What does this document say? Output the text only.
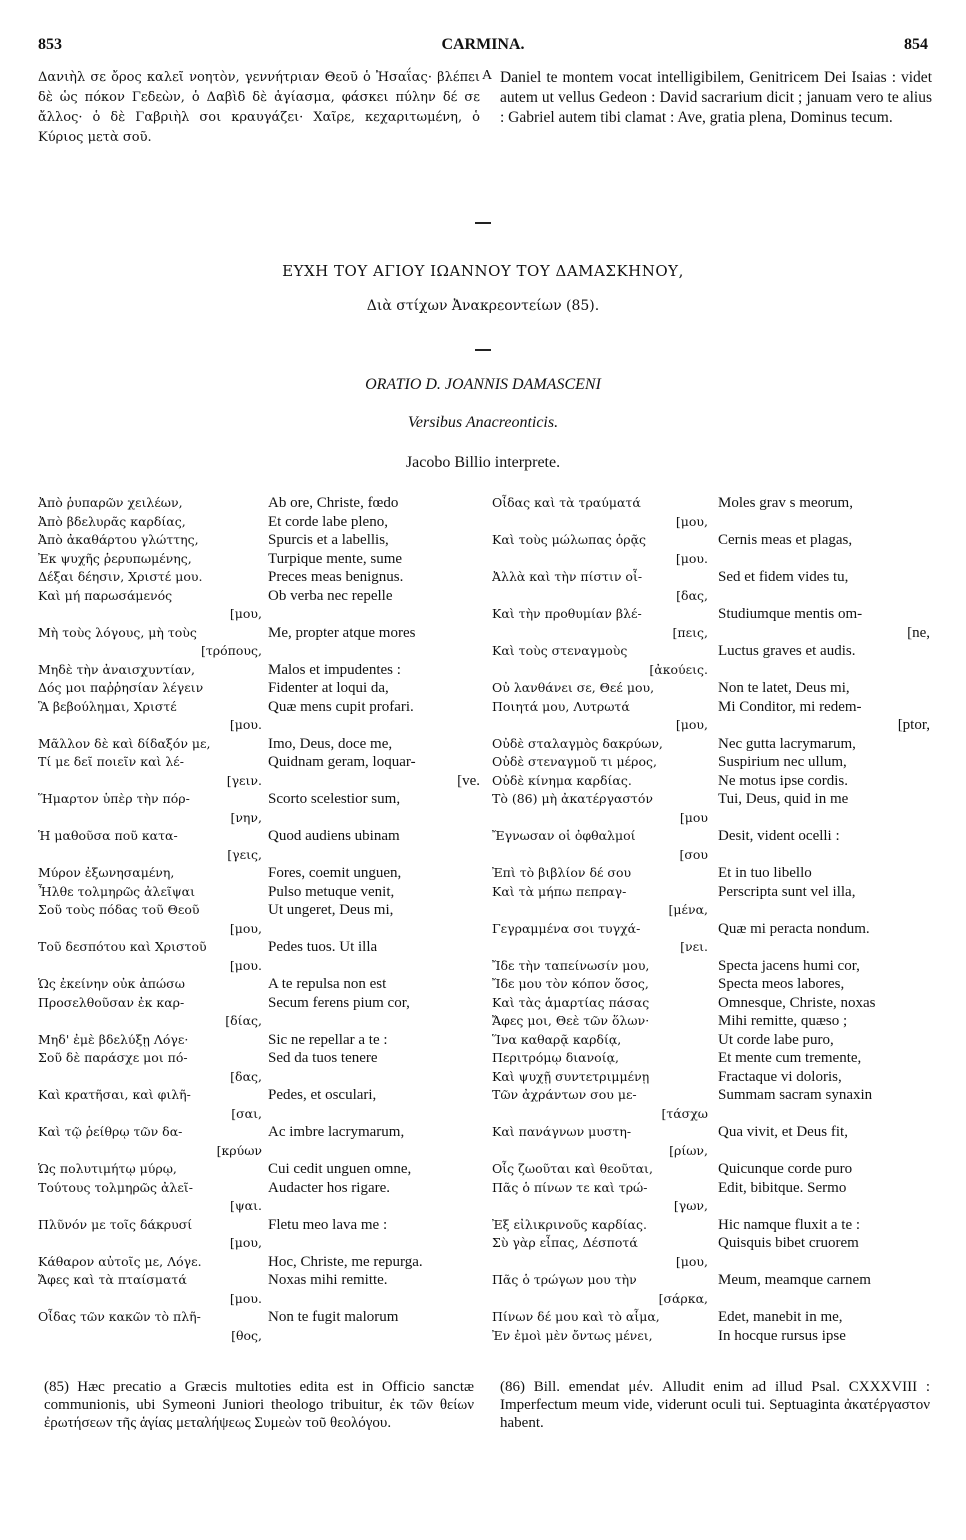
853	CARMINA.	854
Δανιὴλ σε ὄρος καλεῖ νοητὸν, γεννήτριαν Θεοῦ ὁ Ἠσαΐας· βλέπει δὲ ὡς πόκον Γεδεὼν, ὁ Δαβὶδ δὲ ἁγίασμα, φάσκει πύλην δέ σε ἄλλος· ὁ δὲ Γαβριὴλ σοι κραυγάζει· Χαῖρε, κεχαριτωμένη, ὁ Κύριος μετὰ σοῦ.
A Daniel te montem vocat intelligibilem, Genitricem Dei Isaias : videt autem ut vellus Gedeon : David sacrarium dicit ; januam vero te alius : Gabriel autem tibi clamat : Ave, gratia plena, Dominus tecum.
ΕΥΧΗ ΤΟΥ ΑΓΙΟΥ ΙΩΑΝΝΟΥ ΤΟΥ ΔΑΜΑΣΚΗΝΟΥ,
Διὰ στίχων Ἀνακρεοντείων (85).
ORATIO D. JOANNIS DAMASCENI
Versibus Anacreonticis.
Jacobo Billio interprete.
Ἀπὸ ῥυπαρῶν χειλέων,
Ἀπὸ βδελυρᾶς καρδίας,
Ἀπὸ ἀκαθάρτου γλώττης,
Ἐκ ψυχῆς ῥερυπωμένης,
Δέξαι δέησιν, Χριστέ μου.
Καὶ μή παρωσάμενός
[μου,
Μὴ τοὺς λόγους, μὴ τοὺς
[τρόπους,
Μηδὲ τὴν ἀναισχυντίαν,
Δός μοι παῤῥησίαν λέγειν
Ἃ βεβούλημαι, Χριστέ
[μου.
Μᾶλλον δὲ καὶ δίδαξόν με,
Τί με δεῖ ποιεῖν καὶ λέ-
[γειν.
Ἥμαρτον ὑπὲρ τὴν πόρ-
[νην,
Ἡ μαθοῦσα ποῦ κατα-
[γεις,
Μύρον ἐξωνησαμένη,
Ἦλθε τολμηρῶς ἀλεῖψαι
Σοῦ τοὺς πόδας τοῦ Θεοῦ
[μου,
Τοῦ δεσπότου καὶ Χριστοῦ
[μου.
Ὡς ἐκείνην οὐκ ἀπώσω
Προσελθοῦσαν ἐκ καρ-
[δίας,
Μηδ' ἐμὲ βδελύξῃ Λόγε·
Σοῦ δὲ παράσχε μοι πό-
[δας,
Καὶ κρατῆσαι, καὶ φιλῆ-
[σαι,
Καὶ τῷ ῥείθρῳ τῶν δα-
[κρύων
Ὡς πολυτιμήτῳ μύρῳ,
Τούτους τολμηρῶς ἀλεῖ-
[ψαι.
Πλῦνόν με τοῖς δάκρυσί
[μου,
Κάθαρον αὐτοῖς με, Λόγε.
Ἄφες καὶ τὰ πταίσματά
[μου.
Οἶδας τῶν κακῶν τὸ πλῆ-
[θος,
Ab ore, Christe, fœdo
Et corde labe pleno,
Spurcis et a labellis,
Turpique mente, sume
Preces meas benignus.
Ob verba nec repelle
Me, propter atque mores
Malos et impudentes :
Fidenter at loqui da,
Quæ mens cupit profari.
Imo, Deus, doce me,
Quidnam geram, loquar-
[ve.
Scorto scelestior sum,
Quod audiens ubinam
Fores, coemit unguen,
Pulso metuque venit,
Ut ungeret, Deus mi,
Pedes tuos. Ut illa
A te repulsa non est
Secum ferens pium cor,
Sic ne repellar a te :
Sed da tuos tenere
Pedes, et osculari,
Ac imbre lacrymarum,
Cui cedit unguen omne,
Audacter hos rigare.
Fletu meo lava me :
Hoc, Christe, me repurga.
Noxas mihi remitte.
Non te fugit malorum
Οἶδας καὶ τὰ τραύματά
[μου,
Καὶ τοὺς μώλωπας ὁρᾷς
[μου.
Ἀλλὰ καὶ τὴν πίστιν οἶ-
[δας,
Καὶ τὴν προθυμίαν βλέ-
[πεις,
Καὶ τοὺς στεναγμοὺς
[ἀκούεις.
Οὐ λανθάνει σε, Θεέ μου,
Ποιητά μου, Λυτρωτά
[μου,
Οὐδὲ σταλαγμὸς δακρύων,
Οὐδὲ στεναγμοῦ τι μέρος,
Οὐδὲ κίνημα καρδίας.
Τὸ (86) μὴ ἀκατέργαστόν
[μου
Ἔγνωσαν οἱ ὀφθαλμοί
[σου
Ἐπὶ τὸ βιβλίον δέ σου
Καὶ τὰ μήπω πεπραγ-
[μένα,
Γεγραμμένα σοι τυγχά-
[νει.
Ἴδε τὴν ταπείνωσίν μου,
Ἴδε μου τὸν κόπον ὅσος,
Καὶ τὰς ἁμαρτίας πάσας
Ἄφες μοι, Θεὲ τῶν ὅλων·
Ἵνα καθαρᾷ καρδίᾳ,
Περιτρόμῳ διανοίᾳ,
Καὶ ψυχῇ συντετριμμένῃ
Τῶν ἀχράντων σου με-
[τάσχω
Καὶ πανάγνων μυστη-
[ρίων,
Οἷς ζωοῦται καὶ θεοῦται,
Πᾶς ὁ πίνων τε καὶ τρώ-
[γων,
Ἐξ εἰλικρινοῦς καρδίας.
Σὺ γὰρ εἶπας, Δέσποτά
[μου,
Πᾶς ὁ τρώγων μου τὴν
[σάρκα,
Πίνων δέ μου καὶ τὸ αἷμα,
Ἐν ἐμοὶ μὲν ὄντως μένει,
Moles grav s meorum,
Cernis meas et plagas,
Sed et fidem vides tu,
Studiumque mentis om-
[ne,
Luctus graves et audis.
Non te latet, Deus mi,
Mi Conditor, mi redem-
[ptor,
Nec gutta lacrymarum,
Suspirium nec ullum,
Ne motus ipse cordis.
Tui, Deus, quid in me
Desit, vident ocelli :
Et in tuo libello
Perscripta sunt vel illa,
Quæ mi peracta nondum.
Specta jacens humi cor,
Specta meos labores,
Omnesque, Christe, noxas
Mihi remitte, quæso ;
Ut corde labe puro,
Et mente cum tremente,
Fractaque vi doloris,
Summam sacram synaxin
Qua vivit, et Deus fit,
Quicunque corde puro
Edit, bibitque. Sermo
Hic namque fluxit a te :
Quisquis bibet cruorem
Meum, meamque carnem
Edet, manebit in me,
In hocque rursus ipse
(85) Hæc precatio a Græcis multoties edita est in Officio sanctæ communionis, ubi Symeoni Juniori theologo tribuitur, ἐκ τῶν θείων ἐρωτήσεων τῆς ἁγίας μεταλήψεως Συμεὼν τοῦ θεολόγου.
(86) Bill. emendat μέν. Alludit enim ad illud Psal. CXXXVIII : Imperfectum meum vide, viderunt oculi tui. Septuaginta ἀκατέργαστον habent.
